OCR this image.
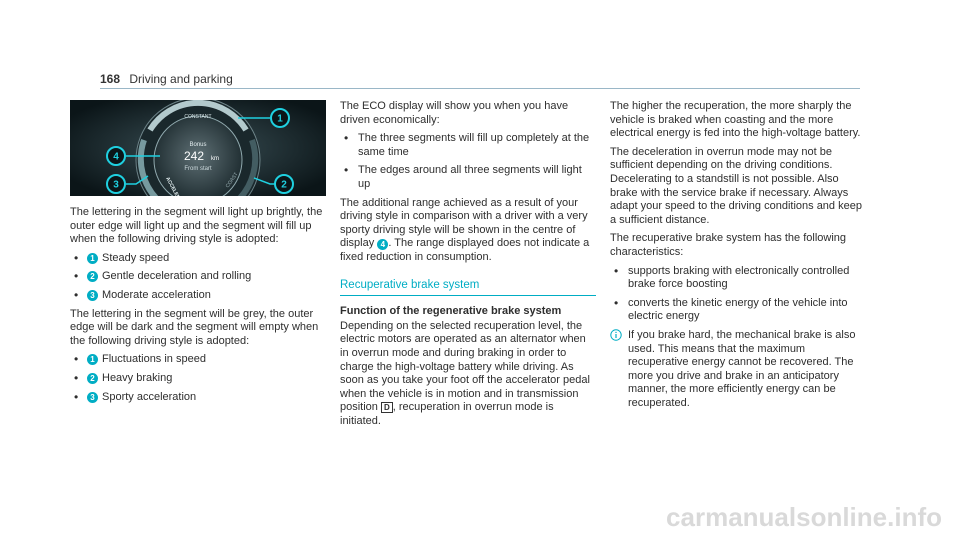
168 Driving and parking
CONSTANT
COAST
Bonus
242 km
From start
1
2
3
4

The lettering in the segment will light up brightly, the outer edge will light up and the segment will fill up when the following driving style is adopted:

•	1 Steady speed
•	2 Gentle deceleration and rolling
•	3 Moderate acceleration

The lettering in the segment will be grey, the outer edge will be dark and the segment will empty when the following driving style is adopted:

•	1 Fluctuations in speed
•	2 Heavy braking
•	3 Sporty acceleration

The ECO display will show you when you have driven economically:

• The three segments will fill up completely at the same time
• The edges around all three segments will light up

The additional range achieved as a result of your driving style in comparison with a driver with a very sporty driving style will be shown in the centre of display 4 . The range displayed does not indicate a fixed reduction in consumption.

Recuperative brake system
Function of the regenerative brake system

Depending on the selected recuperation level, the electric motors are operated as an alternator when in overrun mode and during braking in order to charge the high-voltage battery while driving. As soon as you take your foot off the accelerator pedal when the vehicle is in motion and in transmission position D , recuperation in overrun mode is initiated.

The higher the recuperation, the more sharply the vehicle is braked when coasting and the more electrical energy is fed into the high-voltage battery.

The deceleration in overrun mode may not be sufficient depending on the driving conditions. Decelerating to a standstill is not possible. Also brake with the service brake if necessary. Always adapt your speed to the driving conditions and keep a sufficient distance.

The recuperative brake system has the following characteristics:

• supports braking with electronically controlled brake force boosting
• converts the kinetic energy of the vehicle into electric energy
If you brake hard, the mechanical brake is also used. This means that the maximum recuperative energy cannot be recovered. The more you drive and brake in an anticipatory manner, the more efficiently energy can be recuperated.
carmanualsonline.info
